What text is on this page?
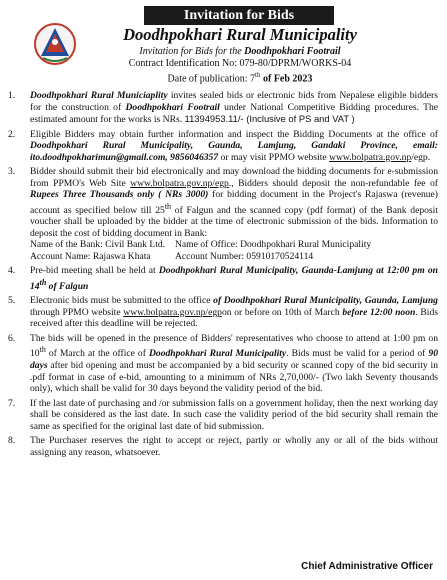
Invitation for Bids
Doodhpokhari Rural Municipality
Invitation for Bids for the Doodhpokhari Footrail
Contract Identification No: 079-80/DPRM/WORKS-04
Date of publication: 7th of Feb 2023
1.	Doodhpokhari Rural Municiaplity invites sealed bids or electronic bids from Nepalese eligible bidders for the construction of Doodhpokhari Footrail under National Competitive Bidding procedures. The estimated amount for the works is NRs. 11394953.11/- (Inclusive of PS and VAT )
2.	Eligible Bidders may obtain further information and inspect the Bidding Documents at the office of Doodhpokhari Rural Municipality, Gaunda, Lamjung, Gandaki Province, email: ito.doodhpokharimun@gmail.com, 9856046357 or may visit PPMO website www.bolpatra.gov.np/egp.
3.	Bidder should submit their bid electronically and may download the bidding documents for e-submission from PPMO's Web Site www.bolpatra.gov.np/egp., Bidders should deposit the non-refundable fee of Rupees Three Thousands only ( NRs 3000) for bidding document in the Project's Rajaswa (revenue) account as specified below till 25th of Falgun and the scanned copy (pdf format) of the Bank deposit voucher shall be uploaded by the bidder at the time of electronic submission of the bids. Information to deposit the cost of bidding document in Bank:
Name of the Bank: Civil Bank Ltd.	Name of Office: Doodhpokhari Rural Municipality
Account Name: Rajaswa Khata	Account Number: 05910170524114
4.	Pre-bid meeting shall be held at Doodhpokhari Rural Municipality, Gaunda-Lamjung at 12:00 pm on 14th of Falgun
5.	Electronic bids must be submitted to the office of Doodhpokhari Rural Municipality, Gaunda, Lamjung through PPMO website www.bolpatra.gov.np/egpon or before on 10th of March before 12:00 noon. Bids received after this deadline will be rejected.
6.	The bids will be opened in the presence of Bidders' representatives who choose to attend at 1:00 pm on 10th of March at the office of Doodhpokhari Rural Municipality. Bids must be valid for a period of 90 days after bid opening and must be accompanied by a bid security or scanned copy of the bid security in .pdf format in case of e-bid, amounting to a minimum of NRs 2,70,000/- (Two lakh Seventy thousands only), which shall be valid for 30 days beyond the validity period of the bid.
7.	If the last date of purchasing and /or submission falls on a government holiday, then the next working day shall be considered as the last date. In such case the validity period of the bid security shall remain the same as specified for the original last date of bid submission.
8.	The Purchaser reserves the right to accept or reject, partly or wholly any or all of the bids without assigning any reason, whatsoever.
Chief Administrative Officer
